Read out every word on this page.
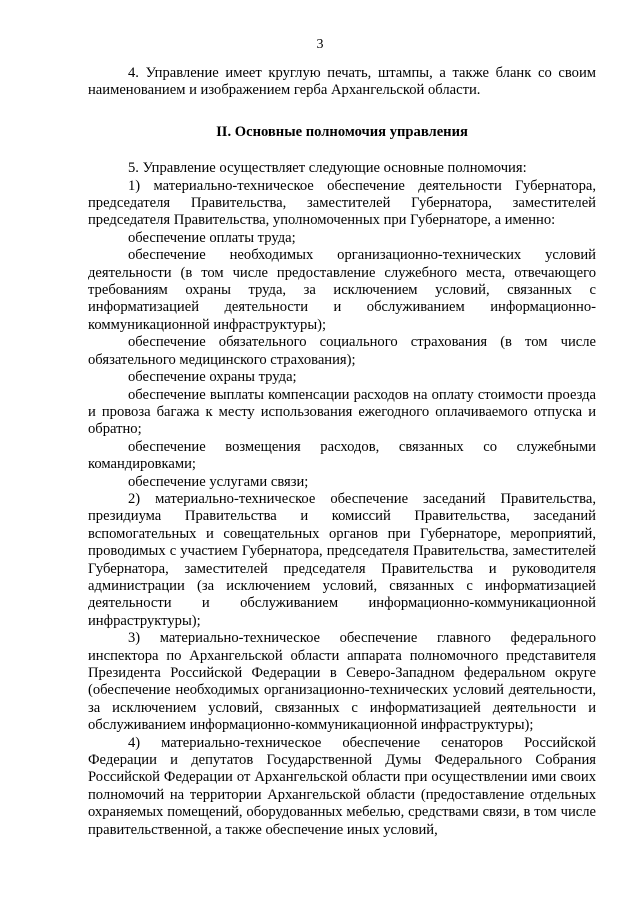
3

4. Управление имеет круглую печать, штампы, а также бланк со своим наименованием и изображением герба Архангельской области.

II. Основные полномочия управления

5. Управление осуществляет следующие основные полномочия:

1) материально-техническое обеспечение деятельности Губернатора, председателя Правительства, заместителей Губернатора, заместителей председателя Правительства, уполномоченных при Губернаторе, а именно:

обеспечение оплаты труда;

обеспечение необходимых организационно-технических условий деятельности (в том числе предоставление служебного места, отвечающего требованиям охраны труда, за исключением условий, связанных с информатизацией деятельности и обслуживанием информационно-коммуникационной инфраструктуры);

обеспечение обязательного социального страхования (в том числе обязательного медицинского страхования);

обеспечение охраны труда;

обеспечение выплаты компенсации расходов на оплату стоимости проезда и провоза багажа к месту использования ежегодного оплачиваемого отпуска и обратно;

обеспечение возмещения расходов, связанных со служебными командировками;

обеспечение услугами связи;

2) материально-техническое обеспечение заседаний Правительства, президиума Правительства и комиссий Правительства, заседаний вспомогательных и совещательных органов при Губернаторе, мероприятий, проводимых с участием Губернатора, председателя Правительства, заместителей Губернатора, заместителей председателя Правительства и руководителя администрации (за исключением условий, связанных с информатизацией деятельности и обслуживанием информационно-коммуникационной инфраструктуры);

3) материально-техническое обеспечение главного федерального инспектора по Архангельской области аппарата полномочного представителя Президента Российской Федерации в Северо-Западном федеральном округе (обеспечение необходимых организационно-технических условий деятельности, за исключением условий, связанных с информатизацией деятельности и обслуживанием информационно-коммуникационной инфраструктуры);

4) материально-техническое обеспечение сенаторов Российской Федерации и депутатов Государственной Думы Федерального Собрания Российской Федерации от Архангельской области при осуществлении ими своих полномочий на территории Архангельской области (предоставление отдельных охраняемых помещений, оборудованных мебелью, средствами связи, в том числе правительственной, а также обеспечение иных условий,
